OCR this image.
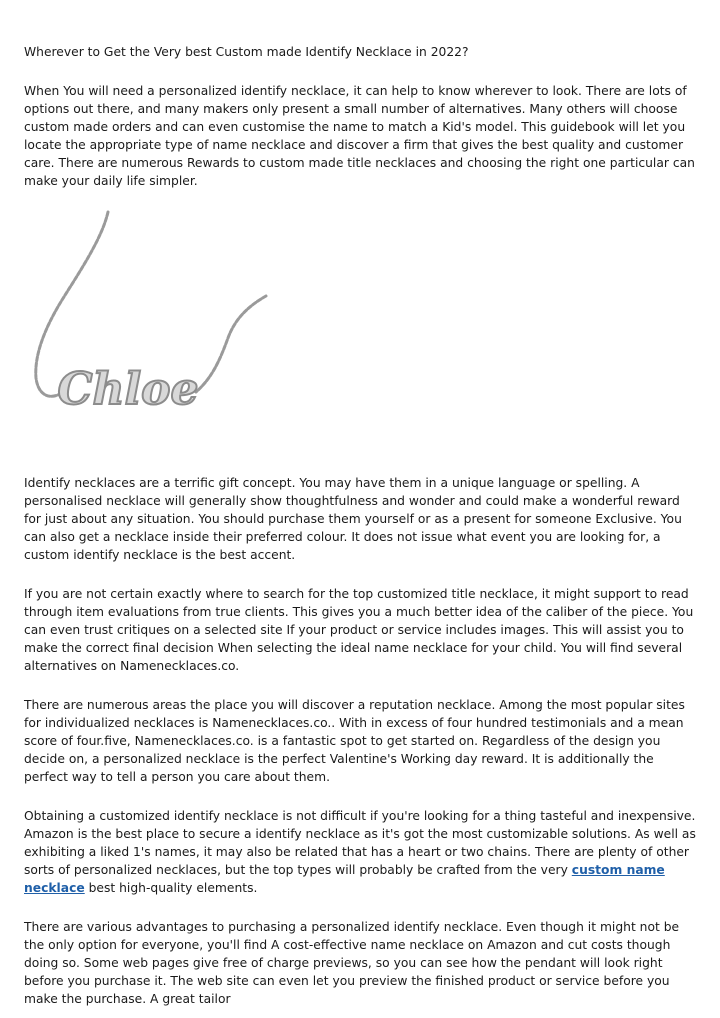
Wherever to Get the Very best Custom made Identify Necklace in 2022?

When You will need a personalized identify necklace, it can help to know wherever to look. There are lots of options out there, and many makers only present a small number of alternatives. Many others will choose custom made orders and can even customise the name to match a Kid's model. This guidebook will let you locate the appropriate type of name necklace and discover a firm that gives the best quality and customer care. There are numerous Rewards to custom made title necklaces and choosing the right one particular can make your daily life simpler.

Identify necklaces are a terrific gift concept. You may have them in a unique language or spelling. A personalised necklace will generally show thoughtfulness and wonder and could make a wonderful reward for just about any situation. You should purchase them yourself or as a present for someone Exclusive. You can also get a necklace inside their preferred colour. It does not issue what event you are looking for, a custom identify necklace is the best accent.

If you are not certain exactly where to search for the top customized title necklace, it might support to read through item evaluations from true clients. This gives you a much better idea of the caliber of the piece. You can even trust critiques on a selected site If your product or service includes images. This will assist you to make the correct final decision When selecting the ideal name necklace for your child. You will find several alternatives on Namenecklaces.co.

There are numerous areas the place you will discover a reputation necklace. Among the most popular sites for individualized necklaces is Namenecklaces.co.. With in excess of four hundred testimonials and a mean score of four.five, Namenecklaces.co. is a fantastic spot to get started on. Regardless of the design you decide on, a personalized necklace is the perfect Valentine's Working day reward. It is additionally the perfect way to tell a person you care about them.

Obtaining a customized identify necklace is not difficult if you're looking for a thing tasteful and inexpensive. Amazon is the best place to secure a identify necklace as it's got the most customizable solutions. As well as exhibiting a liked 1's names, it may also be related that has a heart or two chains. There are plenty of other sorts of personalized necklaces, but the top types will probably be crafted from the very custom name necklace best high-quality elements.

There are various advantages to purchasing a personalized identify necklace. Even though it might not be the only option for everyone, you'll find A cost-effective name necklace on Amazon and cut costs though doing so. Some web pages give free of charge previews, so you can see how the pendant will look right before you purchase it. The web site can even let you preview the finished product or service before you make the purchase. A great tailor

Chloe
